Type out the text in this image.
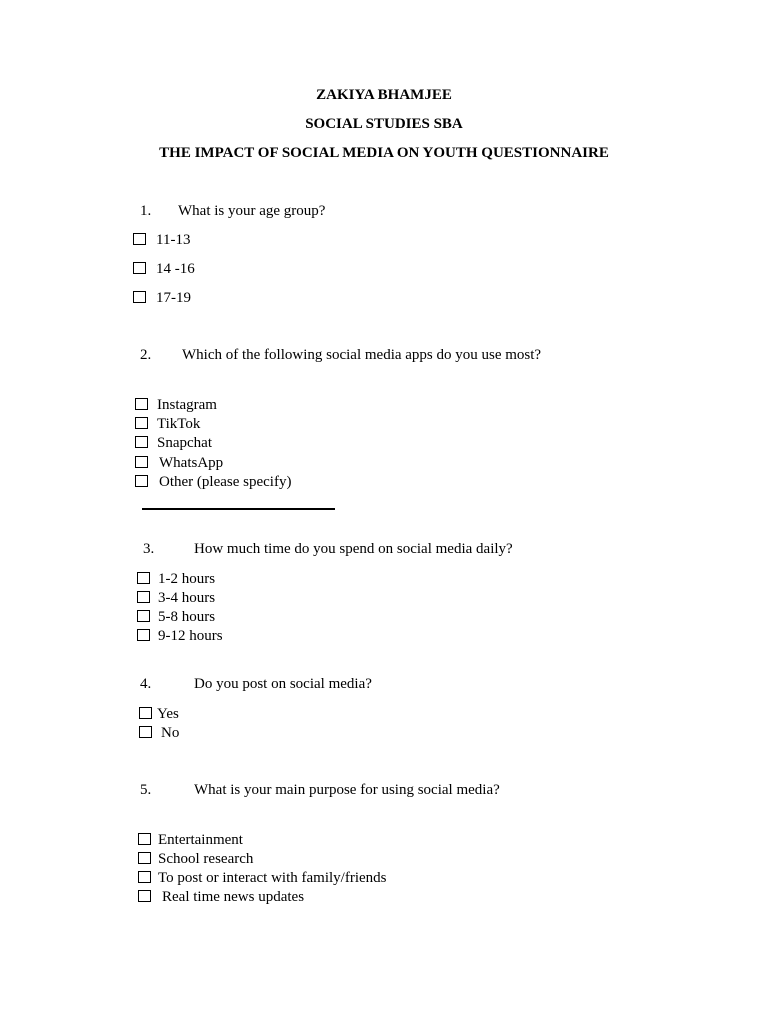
ZAKIYA BHAMJEE
SOCIAL STUDIES SBA
THE IMPACT OF SOCIAL MEDIA ON YOUTH QUESTIONNAIRE
1. What is your age group?
11-13
14 -16
17-19
2. Which of the following social media apps do you use most?
Instagram
TikTok
Snapchat
WhatsApp
Other (please specify)
3.	How much time do you spend on social media daily?
1-2 hours
3-4 hours
5-8 hours
9-12 hours
4.	Do you post on social media?
Yes
No
5.	What is your main purpose for using social media?
Entertainment
School research
To post or interact with family/friends
Real time news updates
